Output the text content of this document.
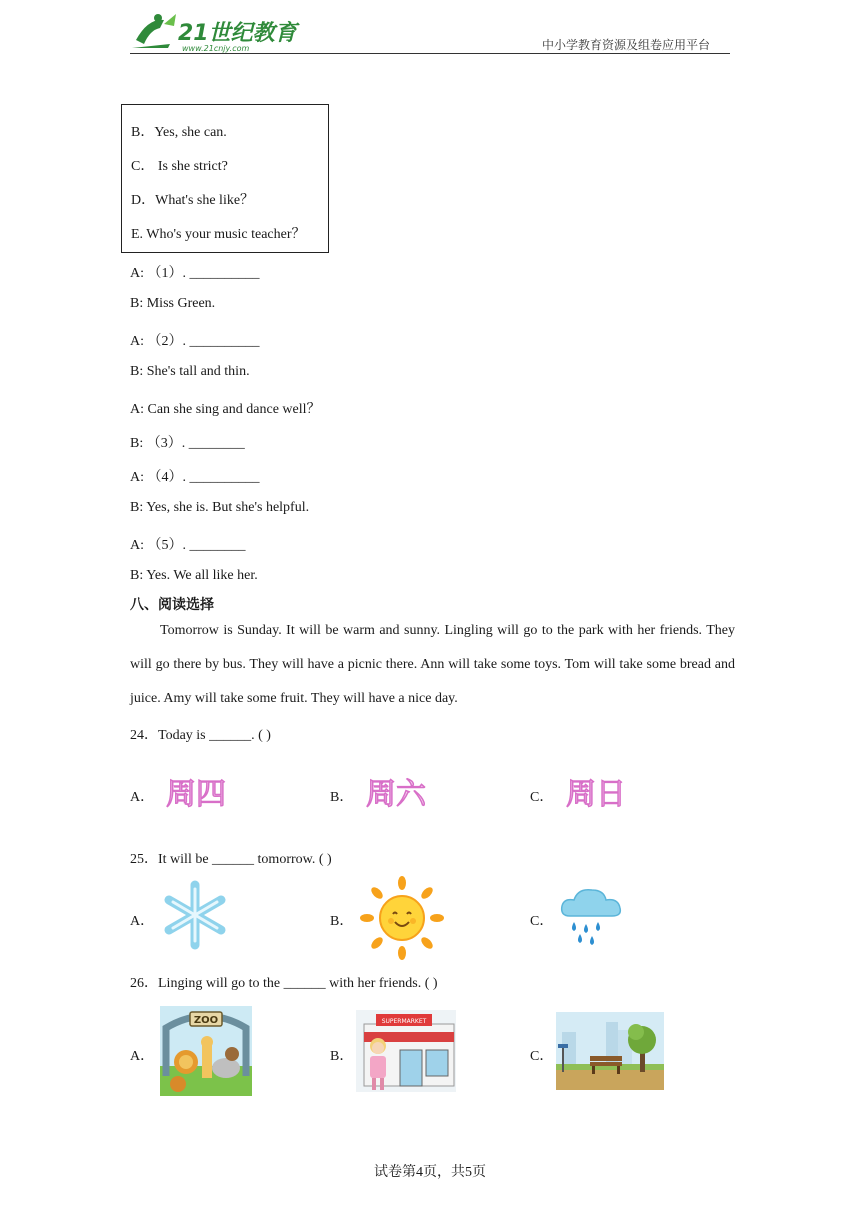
21世纪教育
www.21cnjy.com	中小学教育资源及组卷应用平台
B．Yes, she can.
C． Is she strict?
D．What's she like？
E. Who's your music teacher？
A: （1）. __________
B: Miss Green.
A: （2）. __________
B: She's tall and thin.
A: Can she sing and dance well？
B: （3）. ________
A: （4）. __________
B: Yes, she is. But she's helpful.
A: （5）. ________
B: Yes. We all like her.
八、阅读选择
Tomorrow is Sunday. It will be warm and sunny. Lingling will go to the park with her friends. They will go there by bus. They will have a picnic there. Ann will take some toys. Tom will take some bread and juice. Amy will take some fruit. They will have a nice day.
24．Today is ______. ( )
A． 周四	B． 周六	C． 周日
25．It will be ______ tomorrow. ( )
A．	B．	C．
26．Linging will go to the ______ with her friends. ( )
A．
ZOO
B．
SUPERMARKET
C．
试卷第4页，共5页
